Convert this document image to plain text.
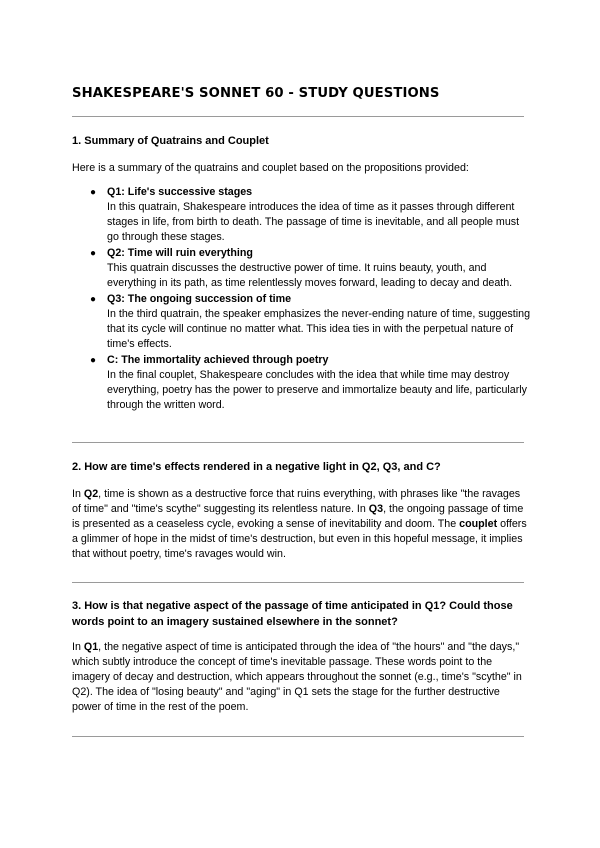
SHAKESPEARE'S SONNET 60 - STUDY QUESTIONS
1. Summary of Quatrains and Couplet

Here is a summary of the quatrains and couplet based on the propositions provided:

● Q1: Life's successive stages
In this quatrain, Shakespeare introduces the idea of time as it passes through different stages in life, from birth to death. The passage of time is inevitable, and all people must go through these stages.
● Q2: Time will ruin everything
This quatrain discusses the destructive power of time. It ruins beauty, youth, and everything in its path, as time relentlessly moves forward, leading to decay and death.
● Q3: The ongoing succession of time
In the third quatrain, the speaker emphasizes the never-ending nature of time, suggesting that its cycle will continue no matter what. This idea ties in with the perpetual nature of time's effects.
● C: The immortality achieved through poetry
In the final couplet, Shakespeare concludes with the idea that while time may destroy everything, poetry has the power to preserve and immortalize beauty and life, particularly through the written word.
2. How are time's effects rendered in a negative light in Q2, Q3, and C?

In Q2, time is shown as a destructive force that ruins everything, with phrases like "the ravages of time" and "time's scythe" suggesting its relentless nature. In Q3, the ongoing passage of time is presented as a ceaseless cycle, evoking a sense of inevitability and doom. The couplet offers a glimmer of hope in the midst of time's destruction, but even in this hopeful message, it implies that without poetry, time's ravages would win.

3. How is that negative aspect of the passage of time anticipated in Q1? Could those words point to an imagery sustained elsewhere in the sonnet?

In Q1, the negative aspect of time is anticipated through the idea of "the hours" and "the days," which subtly introduce the concept of time's inevitable passage. These words point to the imagery of decay and destruction, which appears throughout the sonnet (e.g., time's "scythe" in Q2). The idea of "losing beauty" and "aging" in Q1 sets the stage for the further destructive power of time in the rest of the poem.
